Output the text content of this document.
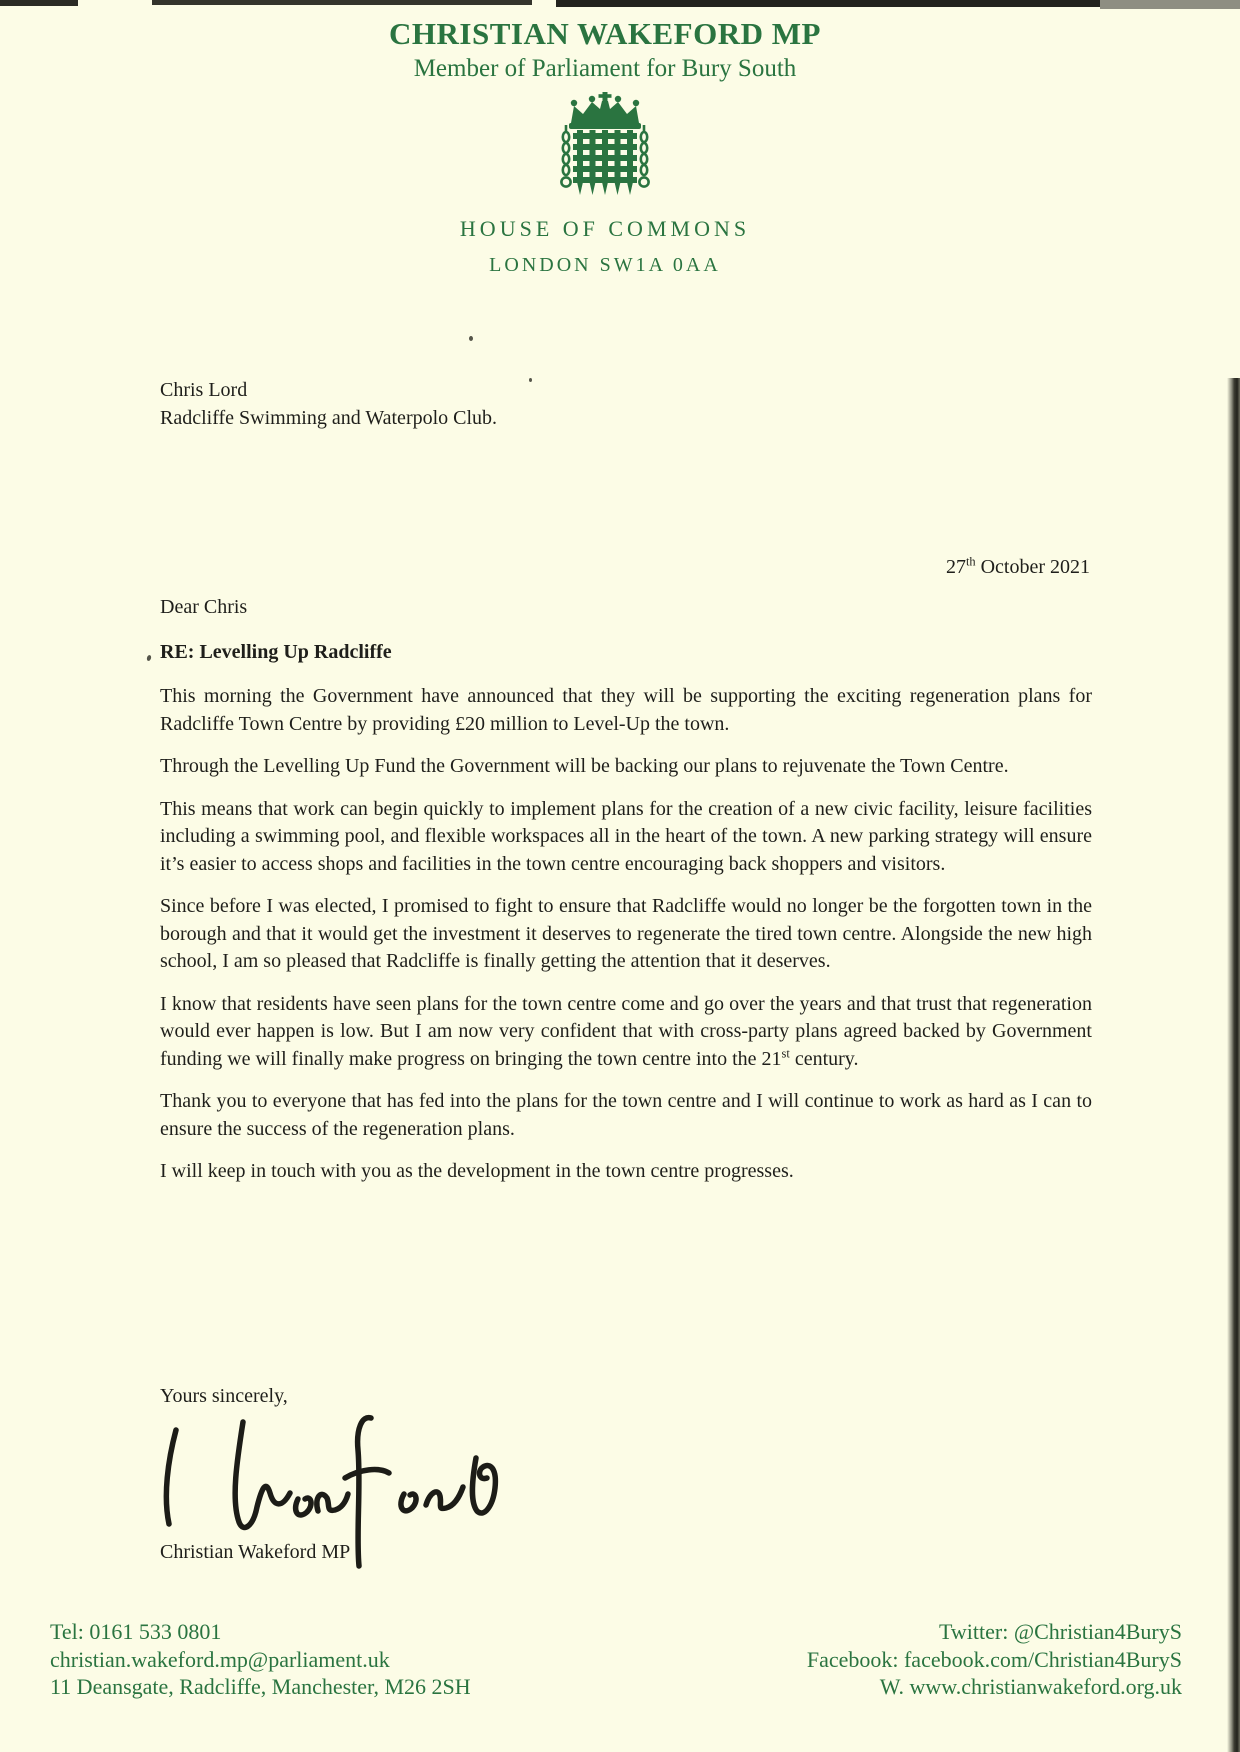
CHRISTIAN WAKEFORD MP
Member of Parliament for Bury South
HOUSE OF COMMONS
LONDON SW1A 0AA
Chris Lord
Radcliffe Swimming and Waterpolo Club.
27th October 2021

Dear Chris

RE: Levelling Up Radcliffe

This morning the Government have announced that they will be supporting the exciting regeneration plans for Radcliffe Town Centre by providing £20 million to Level-Up the town.

Through the Levelling Up Fund the Government will be backing our plans to rejuvenate the Town Centre.

This means that work can begin quickly to implement plans for the creation of a new civic facility, leisure facilities including a swimming pool, and flexible workspaces all in the heart of the town. A new parking strategy will ensure it’s easier to access shops and facilities in the town centre encouraging back shoppers and visitors.

Since before I was elected, I promised to fight to ensure that Radcliffe would no longer be the forgotten town in the borough and that it would get the investment it deserves to regenerate the tired town centre. Alongside the new high school, I am so pleased that Radcliffe is finally getting the attention that it deserves.

I know that residents have seen plans for the town centre come and go over the years and that trust that regeneration would ever happen is low. But I am now very confident that with cross-party plans agreed backed by Government funding we will finally make progress on bringing the town centre into the 21st century.

Thank you to everyone that has fed into the plans for the town centre and I will continue to work as hard as I can to ensure the success of the regeneration plans.

I will keep in touch with you as the development in the town centre progresses.

Yours sincerely,
Christian Wakeford MP
Tel: 0161 533 0801
christian.wakeford.mp@parliament.uk
11 Deansgate, Radcliffe, Manchester, M26 2SH
Twitter: @Christian4BuryS
Facebook: facebook.com/Christian4BuryS
W. www.christianwakeford.org.uk
